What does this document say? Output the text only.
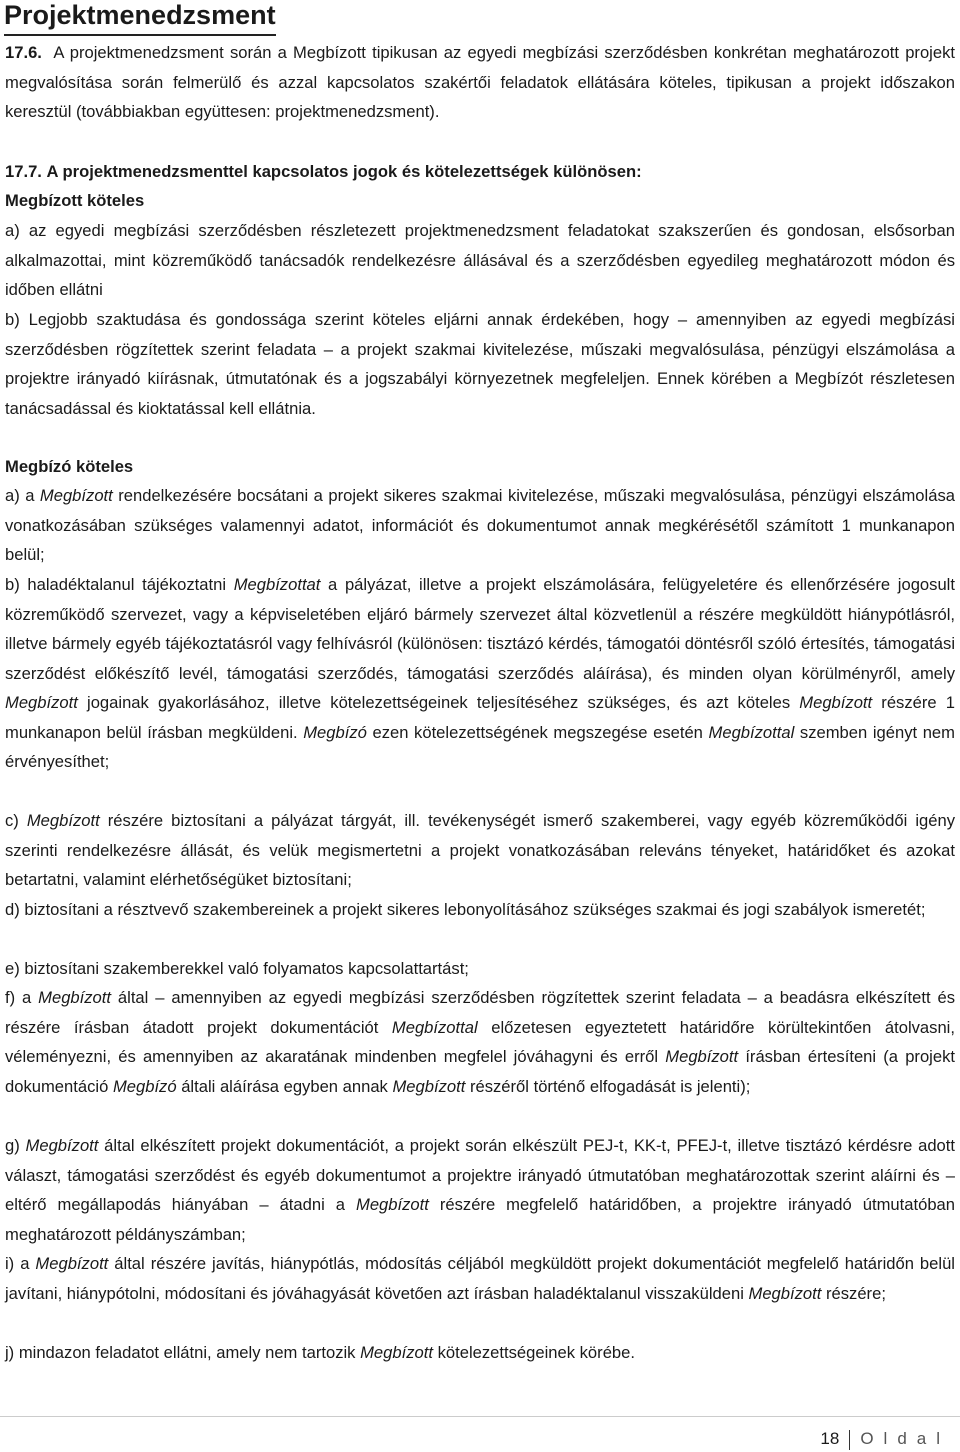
Projektmenedzsment

17.6. A projektmenedzsment során a Megbízott tipikusan az egyedi megbízási szerződésben konkrétan meghatározott projekt megvalósítása során felmerülő és azzal kapcsolatos szakértői feladatok ellátására köteles, tipikusan a projekt időszakon keresztül (továbbiakban együttesen: projektmenedzsment).

17.7. A projektmenedzsmenttel kapcsolatos jogok és kötelezettségek különösen:

Megbízott köteles

a) az egyedi megbízási szerződésben részletezett projektmenedzsment feladatokat szakszerűen és gondosan, elsősorban alkalmazottai, mint közreműködő tanácsadók rendelkezésre állásával és a szerződésben egyedileg meghatározott módon és időben ellátni

b) Legjobb szaktudása és gondossága szerint köteles eljárni annak érdekében, hogy – amennyiben az egyedi megbízási szerződésben rögzítettek szerint feladata – a projekt szakmai kivitelezése, műszaki megvalósulása, pénzügyi elszámolása a projektre irányadó kiírásnak, útmutatónak és a jogszabályi környezetnek megfeleljen. Ennek körében a Megbízót részletesen tanácsadással és kioktatással kell ellátnia.

Megbízó köteles

a) a Megbízott rendelkezésére bocsátani a projekt sikeres szakmai kivitelezése, műszaki megvalósulása, pénzügyi elszámolása vonatkozásában szükséges valamennyi adatot, információt és dokumentumot annak megkérésétől számított 1 munkanapon belül;

b) haladéktalanul tájékoztatni Megbízottat a pályázat, illetve a projekt elszámolására, felügyeletére és ellenőrzésére jogosult közreműködő szervezet, vagy a képviseletében eljáró bármely szervezet által közvetlenül a részére megküldött hiánypótlásról, illetve bármely egyéb tájékoztatásról vagy felhívásról (különösen: tisztázó kérdés, támogatói döntésről szóló értesítés, támogatási szerződést előkészítő levél, támogatási szerződés, támogatási szerződés aláírása), és minden olyan körülményről, amely Megbízott jogainak gyakorlásához, illetve kötelezettségeinek teljesítéséhez szükséges, és azt köteles Megbízott részére 1 munkanapon belül írásban megküldeni. Megbízó ezen kötelezettségének megszegése esetén Megbízottal szemben igényt nem érvényesíthet;

c) Megbízott részére biztosítani a pályázat tárgyát, ill. tevékenységét ismerő szakemberei, vagy egyéb közreműködői igény szerinti rendelkezésre állását, és velük megismertetni a projekt vonatkozásában releváns tényeket, határidőket és azokat betartatni, valamint elérhetőségüket biztosítani;

d) biztosítani a résztvevő szakembereinek a projekt sikeres lebonyolításához szükséges szakmai és jogi szabályok ismeretét;

e) biztosítani szakemberekkel való folyamatos kapcsolattartást;

f) a Megbízott által – amennyiben az egyedi megbízási szerződésben rögzítettek szerint feladata – a beadásra elkészített és részére írásban átadott projekt dokumentációt Megbízottal előzetesen egyeztetett határidőre körültekintően átolvasni, véleményezni, és amennyiben az akaratának mindenben megfelel jóváhagyni és erről Megbízott írásban értesíteni (a projekt dokumentáció Megbízó általi aláírása egyben annak Megbízott részéről történő elfogadását is jelenti);

g) Megbízott által elkészített projekt dokumentációt, a projekt során elkészült PEJ-t, KK-t, PFEJ-t, illetve tisztázó kérdésre adott választ, támogatási szerződést és egyéb dokumentumot a projektre irányadó útmutatóban meghatározottak szerint aláírni és – eltérő megállapodás hiányában – átadni a Megbízott részére megfelelő határidőben, a projektre irányadó útmutatóban meghatározott példányszámban;

i) a Megbízott által részére javítás, hiánypótlás, módosítás céljából megküldött projekt dokumentációt megfelelő határidőn belül javítani, hiánypótolni, módosítani és jóváhagyását követően azt írásban haladéktalanul visszaküldeni Megbízott részére;

j) mindazon feladatot ellátni, amely nem tartozik Megbízott kötelezettségeinek körébe.

18 Oldal
